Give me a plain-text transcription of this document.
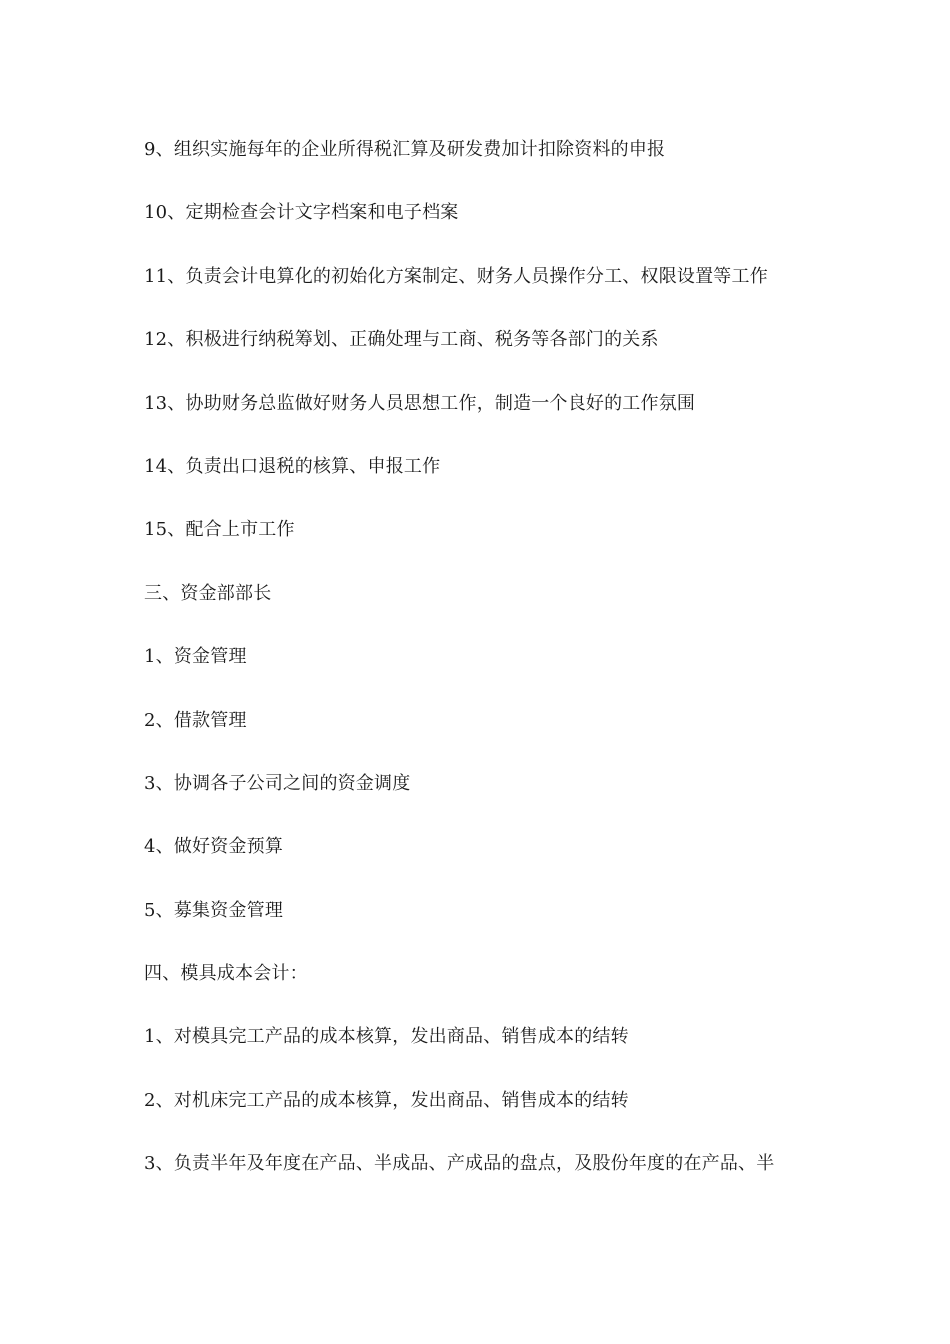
9、组织实施每年的企业所得税汇算及研发费加计扣除资料的申报
10、定期检查会计文字档案和电子档案
11、负责会计电算化的初始化方案制定、财务人员操作分工、权限设置等工作
12、积极进行纳税筹划、正确处理与工商、税务等各部门的关系
13、协助财务总监做好财务人员思想工作，制造一个良好的工作氛围
14、负责出口退税的核算、申报工作
15、配合上市工作
三、资金部部长
1、资金管理
2、借款管理
3、协调各子公司之间的资金调度
4、做好资金预算
5、募集资金管理
四、模具成本会计：
1、对模具完工产品的成本核算，发出商品、销售成本的结转
2、对机床完工产品的成本核算，发出商品、销售成本的结转
3、负责半年及年度在产品、半成品、产成品的盘点，及股份年度的在产品、半
